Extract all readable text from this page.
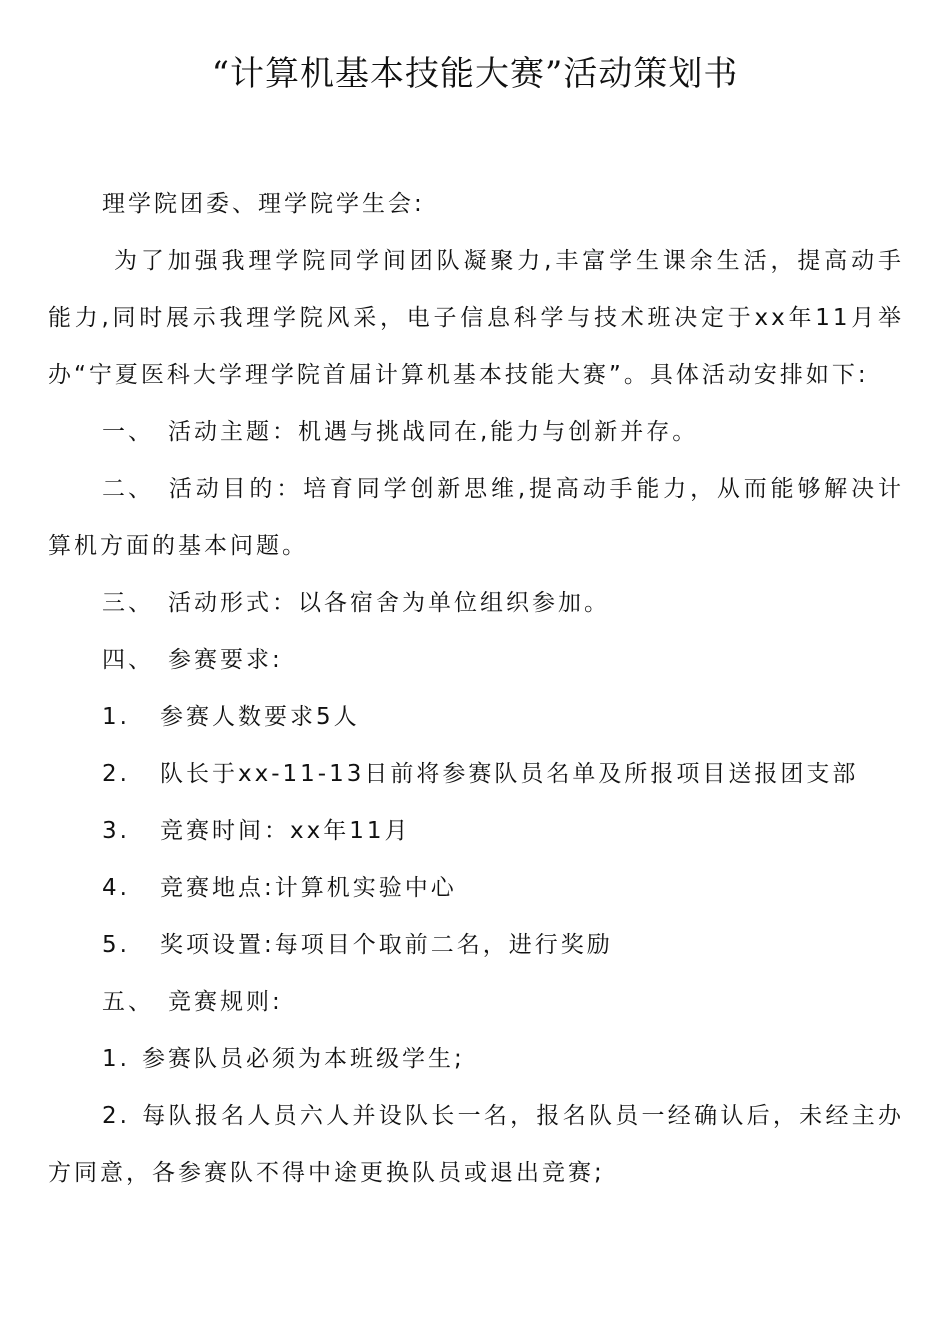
“计算机基本技能大赛”活动策划书

理学院团委、理学院学生会:

为了加强我理学院同学间团队凝聚力,丰富学生课余生活，提高动手能力,同时展示我理学院风采，电子信息科学与技术班决定于xx年11月举办“宁夏医科大学理学院首届计算机基本技能大赛”。具体活动安排如下:

一、 活动主题：机遇与挑战同在,能力与创新并存。

二、 活动目的：培育同学创新思维,提高动手能力，从而能够解决计算机方面的基本问题。

三、 活动形式：以各宿舍为单位组织参加。

四、 参赛要求:

1. 参赛人数要求5人

2. 队长于xx-11-13日前将参赛队员名单及所报项目送报团支部

3. 竞赛时间：xx年11月

4. 竞赛地点:计算机实验中心

5. 奖项设置:每项目个取前二名，进行奖励

五、 竞赛规则:

1. 参赛队员必须为本班级学生;

2. 每队报名人员六人并设队长一名，报名队员一经确认后，未经主办方同意，各参赛队不得中途更换队员或退出竞赛;
